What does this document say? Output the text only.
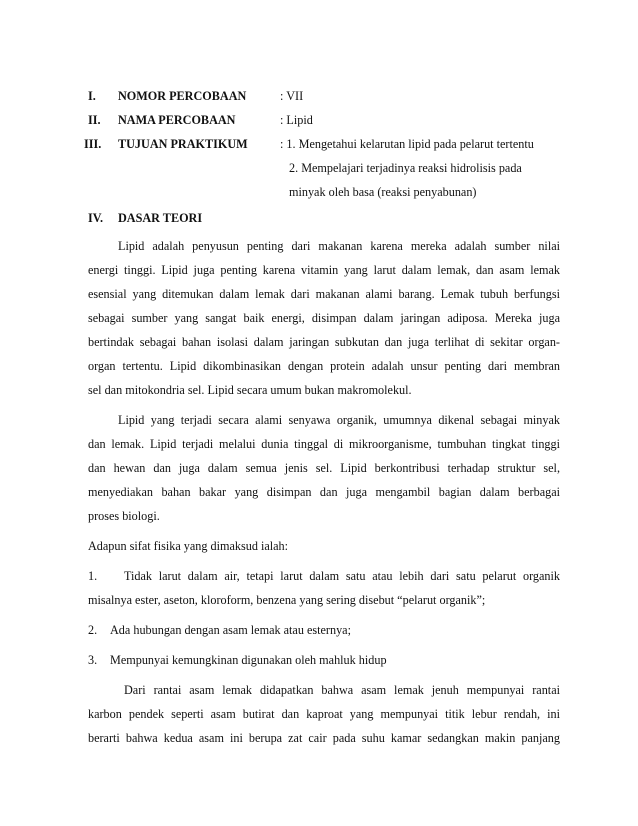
I. NOMOR PERCOBAAN	: VII
II. NAMA PERCOBAAN	: Lipid
III. TUJUAN PRAKTIKUM	: 1. Mengetahui kelarutan lipid pada pelarut tertentu
2. Mempelajari terjadinya reaksi hidrolisis pada
minyak oleh basa (reaksi penyabunan)
IV. DASAR TEORI
Lipid adalah penyusun penting dari makanan karena mereka adalah sumber nilai
energi tinggi. Lipid juga penting karena vitamin yang larut dalam lemak, dan asam lemak
esensial yang ditemukan dalam lemak dari makanan alami barang. Lemak tubuh berfungsi
sebagai sumber yang sangat baik energi, disimpan dalam jaringan adiposa. Mereka juga
bertindak sebagai bahan isolasi dalam jaringan subkutan dan juga terlihat di sekitar organ-
organ tertentu. Lipid dikombinasikan dengan protein adalah unsur penting dari membran
sel dan mitokondria sel. Lipid secara umum bukan makromolekul.
Lipid yang terjadi secara alami senyawa organik, umumnya dikenal sebagai minyak
dan lemak. Lipid terjadi melalui dunia tinggal di mikroorganisme, tumbuhan tingkat tinggi
dan hewan dan juga dalam semua jenis sel. Lipid berkontribusi terhadap struktur sel,
menyediakan bahan bakar yang disimpan dan juga mengambil bagian dalam berbagai
proses biologi.
Adapun sifat fisika yang dimaksud ialah:
1. Tidak larut dalam air, tetapi larut dalam satu atau lebih dari satu pelarut organik
misalnya ester, aseton, kloroform, benzena yang sering disebut “pelarut organik”;
2. Ada hubungan dengan asam lemak atau esternya;
3. Mempunyai kemungkinan digunakan oleh mahluk hidup
Dari rantai asam lemak didapatkan bahwa asam lemak jenuh mempunyai rantai
karbon pendek seperti asam butirat dan kaproat yang mempunyai titik lebur rendah, ini
berarti bahwa kedua asam ini berupa zat cair pada suhu kamar sedangkan makin panjang
